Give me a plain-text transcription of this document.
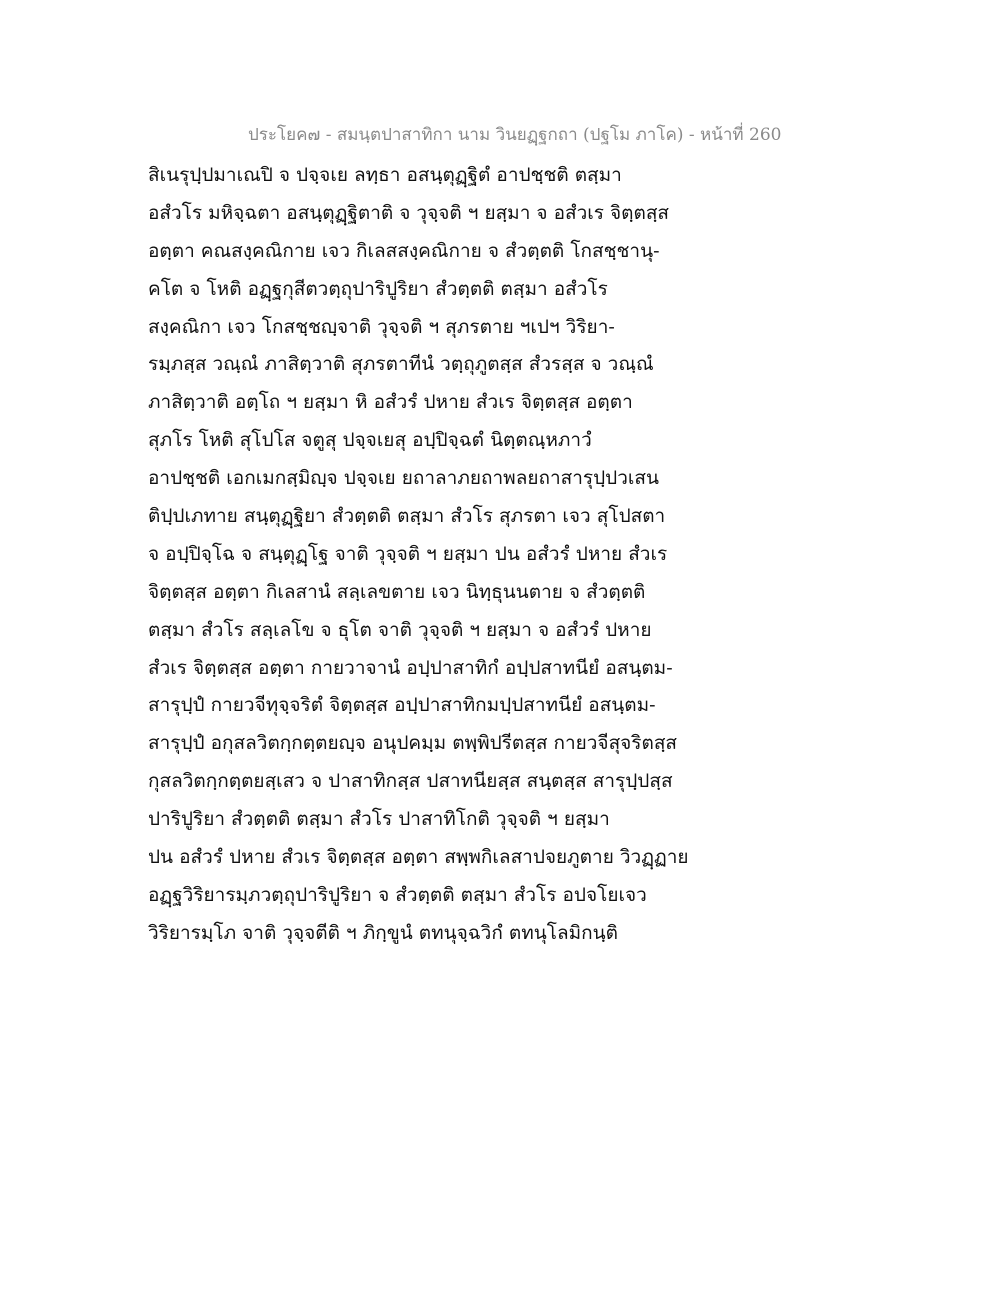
ประโยค๗ - สมนฺตปาสาทิกา นาม วินยฏฺฐกถา (ปฐโม ภาโค) - หน้าที่ 260
สิเนรุปฺปมาเณปิ จ ปจฺจเย ลทฺธา อสนฺตุฏฺฐิตํ อาปชฺชติ ตสฺมา
อสํวโร มหิจฺฉตา อสนฺตุฏฺฐิตาติ จ วุจฺจติ ฯ ยสฺมา จ อสํวเร จิตฺตสฺส
อตฺตา คณสงฺคณิกาย เจว กิเลสสงฺคณิกาย จ สํวตฺตติ โกสชฺชานุ-
คโต จ โหติ อฏฺฐกุสีตวตฺถุปาริปูริยา สํวตฺตติ ตสฺมา อสํวโร
สงฺคณิกา เจว โกสชฺชญฺจาติ วุจฺจติ ฯ สุภรตาย ฯเปฯ วิริยา-
รมฺภสฺส วณฺณํ ภาสิตฺวาติ สุภรตาทีนํ วตฺถุภูตสฺส สํวรสฺส จ วณฺณํ
ภาสิตฺวาติ อตฺโถ ฯ ยสฺมา หิ อสํวรํ ปหาย สํวเร จิตฺตสฺส อตฺตา
สุภโร โหติ สุโปโส จตูสุ ปจฺจเยสุ อปฺปิจฺฉตํ นิตฺตณฺหภาวํ
อาปชฺชติ เอกเมกสฺมิญฺจ ปจฺจเย ยถาลาภยถาพลยถาสารุปฺปวเสน
ติปฺปเภทาย สนฺตุฏฺฐิยา สํวตฺตติ ตสฺมา สํวโร สุภรตา เจว สุโปสตา
จ อปฺปิจฺโฉ จ สนฺตุฏฺโฐ จาติ วุจฺจติ ฯ ยสฺมา ปน อสํวรํ ปหาย สํวเร
จิตฺตสฺส อตฺตา กิเลสานํ สลฺเลขตาย เจว นิทฺธุนนตาย จ สํวตฺตติ
ตสฺมา สํวโร สลฺเลโข จ ธุโต จาติ วุจฺจติ ฯ ยสฺมา จ อสํวรํ ปหาย
สํวเร จิตฺตสฺส อตฺตา กายวาจานํ อปฺปาสาทิกํ อปฺปสาทนียํ อสนฺตม-
สารุปฺปํ กายวจีทุจฺจริตํ จิตฺตสฺส อปฺปาสาทิกมปฺปสาทนียํ อสนฺตม-
สารุปฺปํ อกุสลวิตกฺกตฺตยญฺจ อนุปคมฺม ตพฺพิปรีตสฺส กายวจีสุจริตสฺส
กุสลวิตกฺกตฺตยสฺเสว จ ปาสาทิกสฺส ปสาทนียสฺส สนฺตสฺส สารุปฺปสฺส
ปาริปูริยา สํวตฺตติ ตสฺมา สํวโร ปาสาทิโกติ วุจฺจติ ฯ ยสฺมา
ปน อสํวรํ ปหาย สํวเร จิตฺตสฺส อตฺตา สพฺพกิเลสาปจยภูตาย วิวฏฺฏาย
อฏฺฐวิริยารมฺภวตฺถุปาริปูริยา จ สํวตฺตติ ตสฺมา สํวโร อปจโยเจว
วิริยารมฺโภ จาติ วุจฺจตีติ ฯ ภิกฺขูนํ ตทนุจฺฉวิกํ ตทนุโลมิกนฺติ
